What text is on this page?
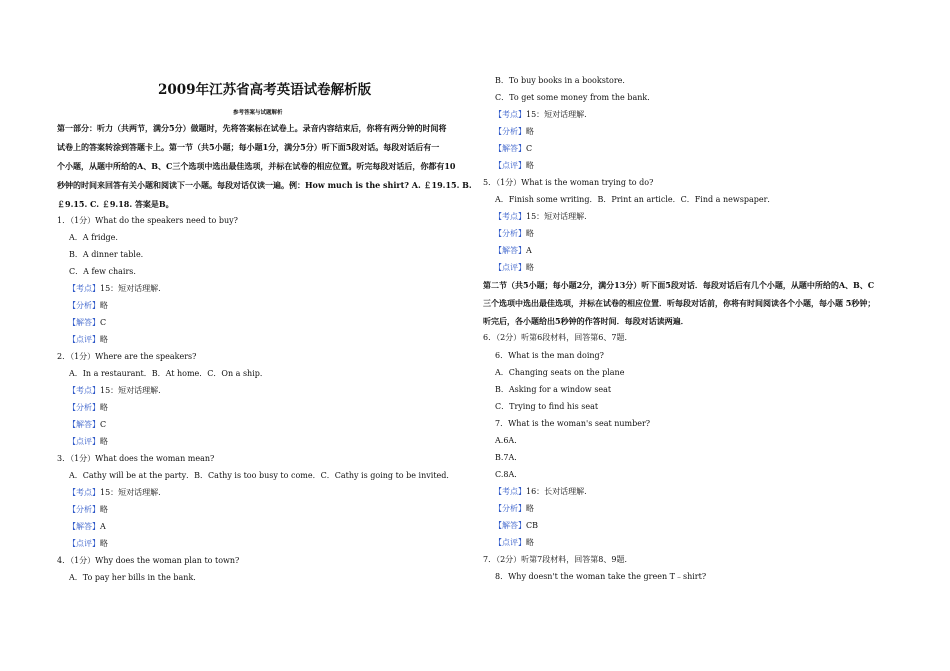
2009年江苏省高考英语试卷解析版
参考答案与试题解析
第一部分：听力（共两节，满分5分）做题时，先将答案标在试卷上。录音内容结束后，你将有两分钟的时间将
试卷上的答案转涂到答题卡上。第一节（共5小题；每小题1分，满分5分）听下面5段对话。每段对话后有一
个小题，从题中所给的A、B、C三个选项中选出最佳选项，并标在试卷的相应位置。听完每段对话后，你都有10
秒钟的时间来回答有关小题和阅读下一小题。每段对话仅读一遍。例：How much is the shirt? A. ￡19.15. B.
￡9.15. C. ￡9.18. 答案是B。
1．（1分）What do the speakers need to buy?
A．A fridge.
B．A dinner table.
C．A few chairs.
【考点】15：短对话理解.
【分析】略
【解答】C
【点评】略
2．（1分）Where are the speakers?
A．In a restaurant．B．At home．C．On a ship．
【考点】15：短对话理解.
【分析】略
【解答】C
【点评】略
3．（1分）What does the woman mean?
A．Cathy will be at the party．B．Cathy is too busy to come．C．Cathy is going to be invited．
【考点】15：短对话理解.
【分析】略
【解答】A
【点评】略
4．（1分）Why does the woman plan to town?
A．To pay her bills in the bank．
B．To buy books in a bookstore．
C．To get some money from the bank．
【考点】15：短对话理解.
【分析】略
【解答】C
【点评】略
5．（1分）What is the woman trying to do?
A．Finish some writing．B．Print an article．C．Find a newspaper．
【考点】15：短对话理解.
【分析】略
【解答】A
【点评】略
第二节（共5小题；每小题2分，满分13分）听下面5段对话．每段对话后有几个小题，从题中所给的A、B、C
三个选项中选出最佳选项，并标在试卷的相应位置．听每段对话前，你将有时间阅读各个小题，每小题 5秒钟；
听完后，各小题给出5秒钟的作答时间．每段对话读两遍．
6．（2分）听第6段材料，回答第6、7题．
6．What is the man doing?
A．Changing seats on the plane
B．Asking for a window seat
C．Trying to find his seat
7．What is the woman's seat number?
A.6A．
B.7A．
C.8A．
【考点】16：长对话理解.
【分析】略
【解答】CB
【点评】略
7．（2分）听第7段材料，回答第8、9题．
8．Why doesn't the woman take the green T﹣shirt?
